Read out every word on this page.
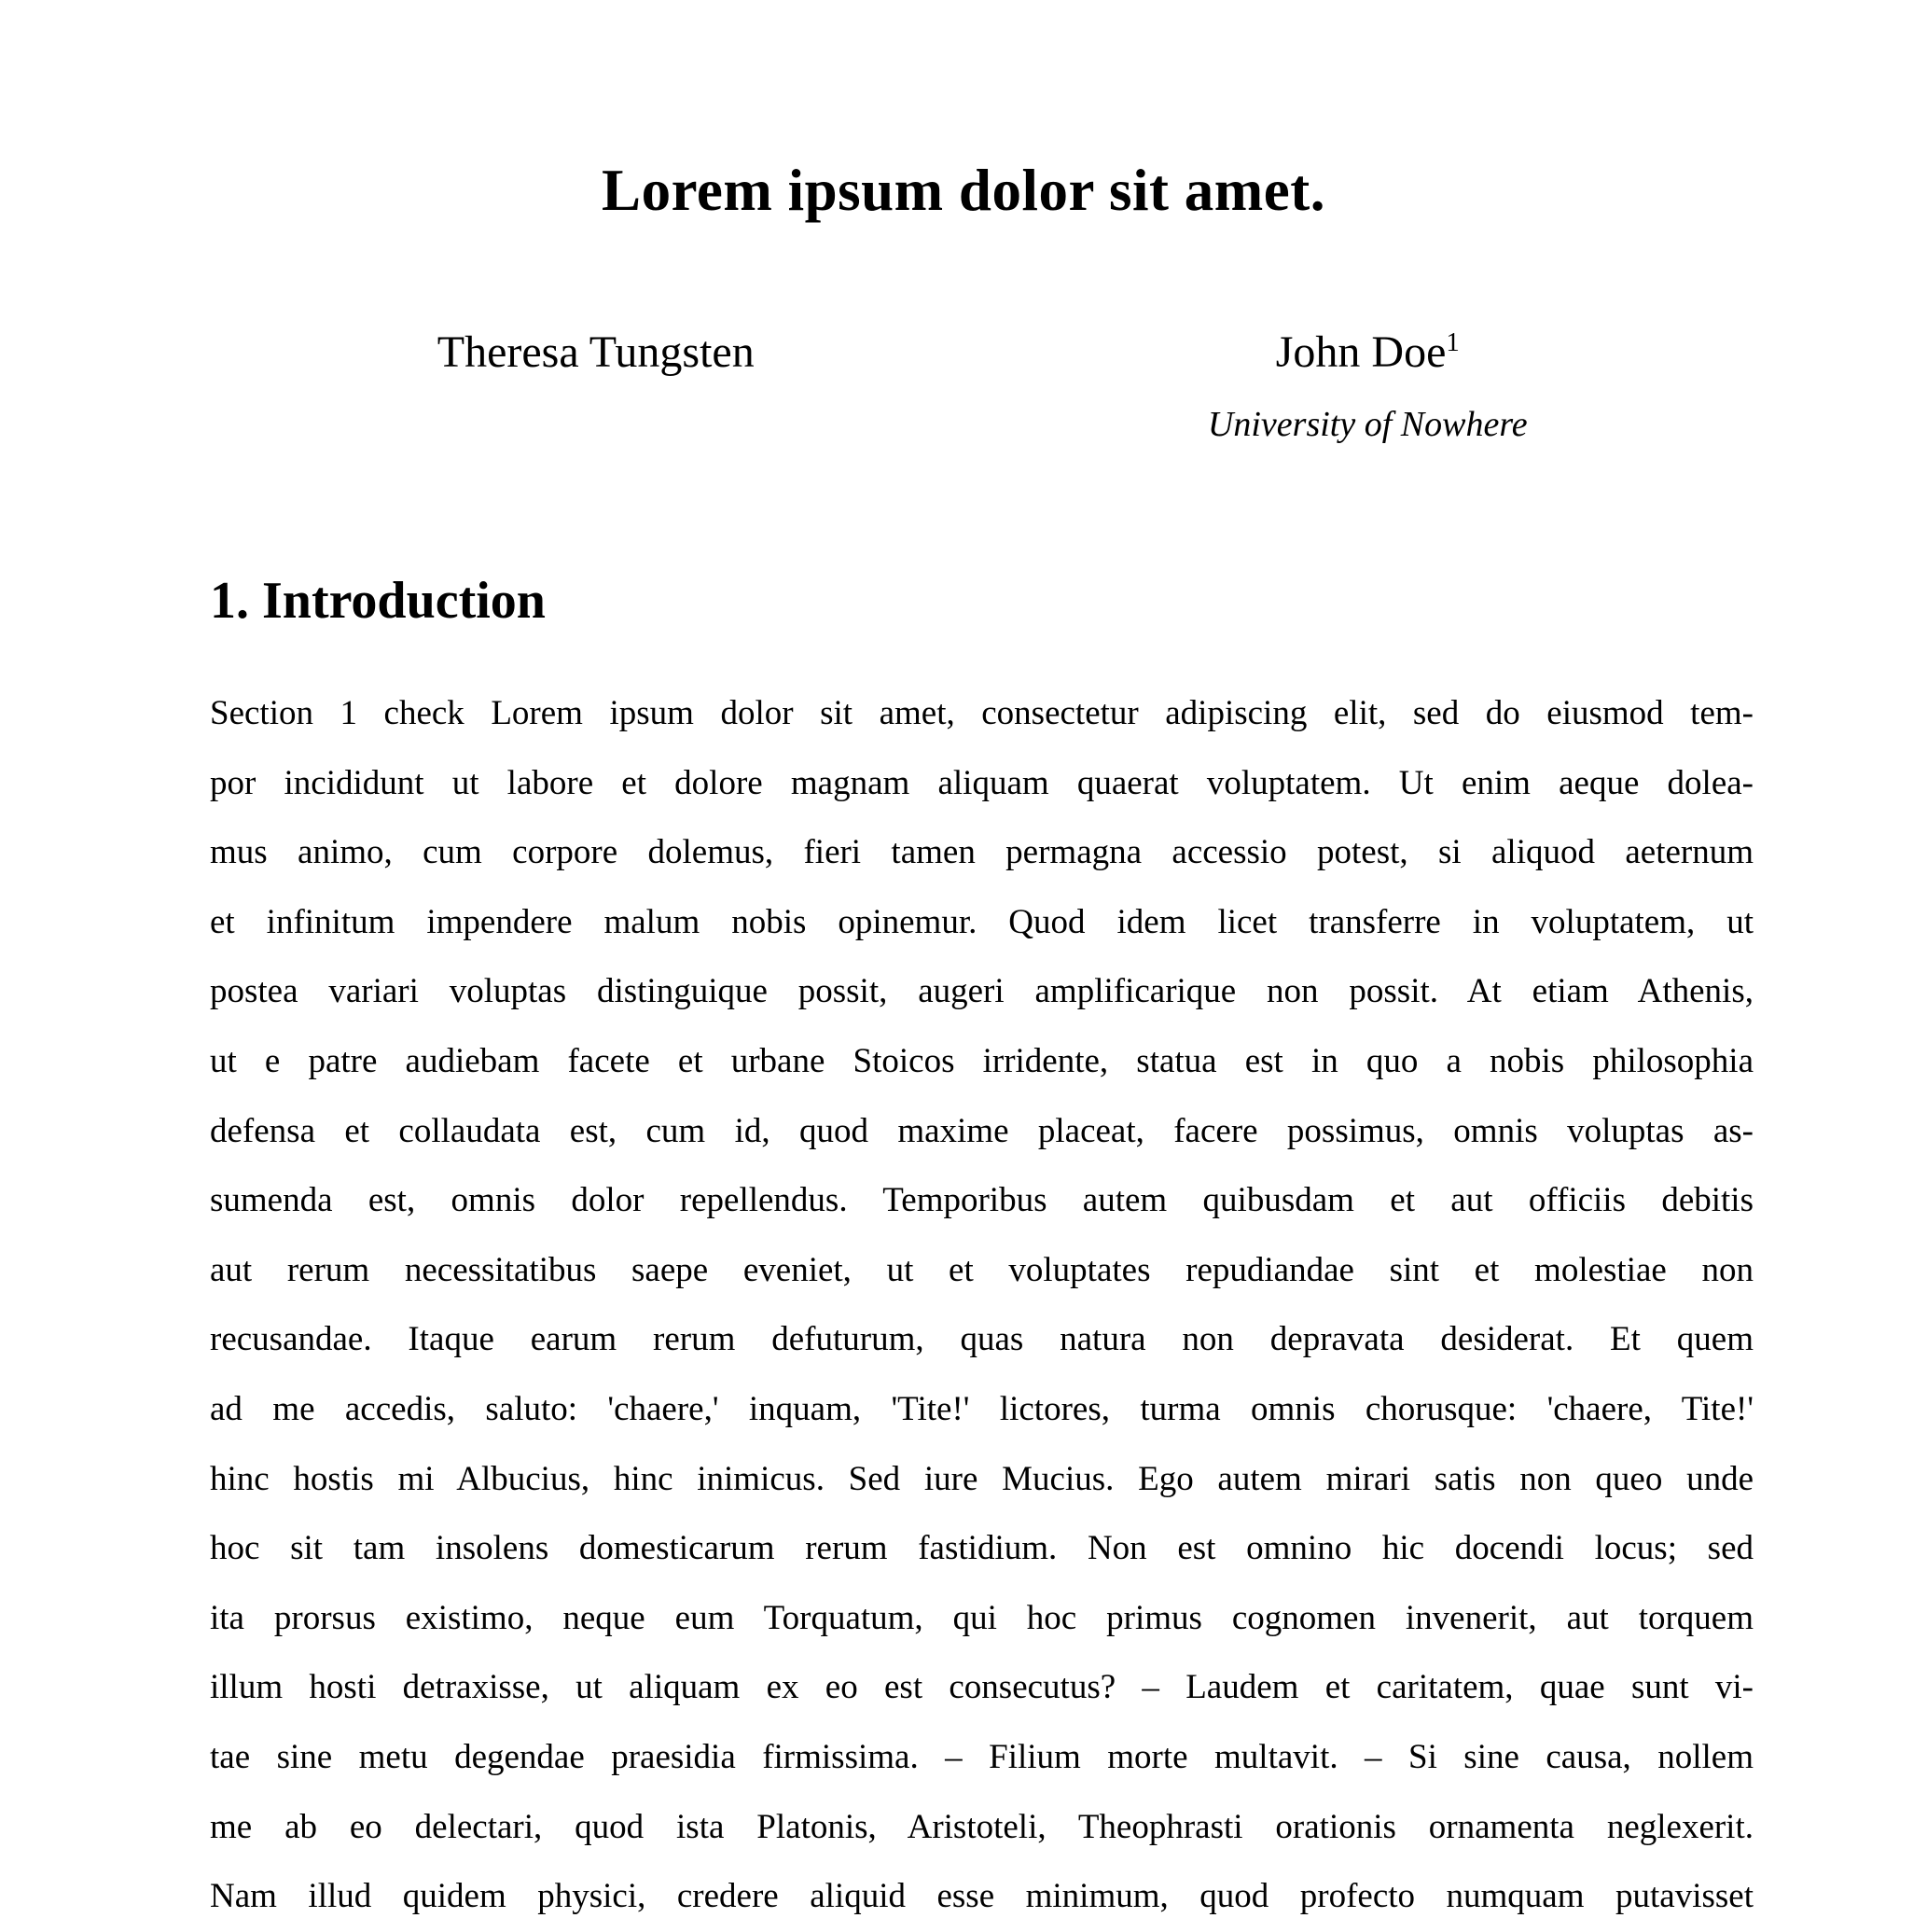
Lorem ipsum dolor sit amet.
Theresa Tungsten	John Doe$^1$
University of Nowhere
1. Introduction
Section 1 check Lorem ipsum dolor sit amet, consectetur adipiscing elit, sed do eiusmod tem-
por incididunt ut labore et dolore magnam aliquam quaerat voluptatem. Ut enim aeque dolea-
mus animo, cum corpore dolemus, fieri tamen permagna accessio potest, si aliquod aeternum
et infinitum impendere malum nobis opinemur. Quod idem licet transferre in voluptatem, ut
postea variari voluptas distinguique possit, augeri amplificarique non possit. At etiam Athenis,
ut e patre audiebam facete et urbane Stoicos irridente, statua est in quo a nobis philosophia
defensa et collaudata est, cum id, quod maxime placeat, facere possimus, omnis voluptas as-
sumenda est, omnis dolor repellendus. Temporibus autem quibusdam et aut officiis debitis
aut rerum necessitatibus saepe eveniet, ut et voluptates repudiandae sint et molestiae non
recusandae. Itaque earum rerum defuturum, quas natura non depravata desiderat. Et quem
ad me accedis, saluto: 'chaere,' inquam, 'Tite!' lictores, turma omnis chorusque: 'chaere, Tite!'
hinc hostis mi Albucius, hinc inimicus. Sed iure Mucius. Ego autem mirari satis non queo unde
hoc sit tam insolens domesticarum rerum fastidium. Non est omnino hic docendi locus; sed
ita prorsus existimo, neque eum Torquatum, qui hoc primus cognomen invenerit, aut torquem
illum hosti detraxisse, ut aliquam ex eo est consecutus? – Laudem et caritatem, quae sunt vi-
tae sine metu degendae praesidia firmissima. – Filium morte multavit. – Si sine causa, nollem
me ab eo delectari, quod ista Platonis, Aristoteli, Theophrasti orationis ornamenta neglexerit.
Nam illud quidem physici, credere aliquid esse minimum, quod profecto numquam putavisset
